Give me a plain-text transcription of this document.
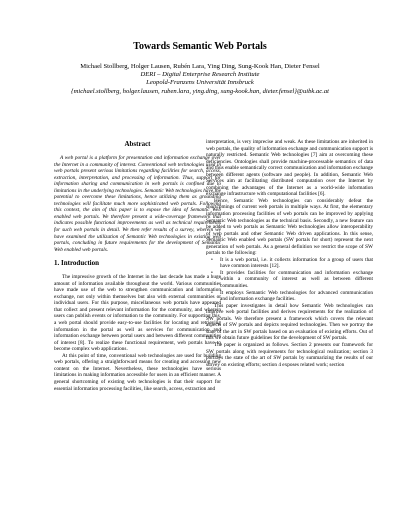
Towards Semantic Web Portals
Michael Stollberg, Holger Lausen, Rubén Lara, Ying Ding, Sung-Kook Han, Dieter Fensel
DERI – Digital Enterprise Research Institute
Leopold-Franzens Universität Innsbruck
{michael.stollberg, holger.lausen, ruben.lara, ying.ding, sung-kook.han, dieter.fensel}@uibk.ac.at
Abstract

A web portal is a platform for presentation and information exchange over the Internet in a community of interest. Conventional web technologies used in web portals present serious limitations regarding facilities for search, access, extraction, interpretation, and processing of information. Thus, support for information sharing and communication in web portals is confined due to limitations in the underlying technologies. Semantic Web technologies have the potential to overcome these limitations, hence utilizing them as grounding technologies will facilitate much more sophisticated web portals. Following this context, the aim of this paper is to expose the idea of Semantic Web enabled web portals. We therefore present a wide-coverage framework that indicates possible functional improvements as well as technical requirements for such web portals in detail. We then refer results of a survey, wherein we have examined the utilization of Semantic Web technologies in existing web portals, concluding in future requirements for the development of Semantic Web enabled web portals.

1. Introduction

The impressive growth of the Internet in the last decade has made a huge amount of information available throughout the world. Various communities have made use of the web to strengthen communication and information exchange, not only within themselves but also with external communities or individual users. For this purpose, miscellaneous web portals have appeared that collect and present relevant information for the community, and wherein users can publish events or information to the community. For supporting this, a web portal should provide easy-to-use facilities for locating and retrieving information in the portal as well as services for communication and information exchange between portal users and between different communities of interest [8]. To realize these functional requirement, web portals have to become complex web applications.

At this point of time, conventional web technologies are used for building web portals, offering a straightforward means for creating and accessing new content on the Internet. Nevertheless, these technologies have serious limitations in making information accessible for users in an efficient manner. A general shortcoming of existing web technologies is that their support for essential information processing facilities, like search, access, extraction and

interpretation, is very imprecise and weak. As these limitations are inherited in web portals, the quality of information exchange and communication support is naturally restricted. Semantic Web technologies [7] aim at overcoming these deficiencies. Ontologies shall provide machine-processable semantics of data and thus enable semantically correct communication and information exchange between different agents (software and people). In addition, Semantic Web Services aim at facilitating distributed computation over the Internet by combining the advantages of the Internet as a world-wide information exchange infrastructure with computational facilities [6].

Hence, Semantic Web technologies can considerably defeat the shortcomings of current web portals in multiple ways. At first, the elementary information processing facilities of web portals can be improved by applying Semantic Web technologies as the technical basis. Secondly, a new feature can be added to web portals as Semantic Web technologies allow interoperability of web portals and other Semantic Web driven applications. In this sense, Semantic Web enabled web portals (SW portals for short) represent the next generation of web portals. As a general definition we restrict the scope of SW portals to the following:

• It is a web portal, i.e. it collects information for a group of users that have common interests [12].
• It provides facilities for communication and information exchange within a community of interest as well as between different communities.
• It employs Semantic Web technologies for advanced communication and information exchange facilities.

This paper investigates in detail how Semantic Web technologies can improve web portal facilities and derives requirements for the realization of SW portals. We therefore present a framework which covers the relevant aspects of SW portals and depicts required technologies. Then we portray the state of the art in SW portals based on an evaluation of existing efforts. Out of this we obtain future guidelines for the development of SW portals.

The paper is organized as follows. Section 2 presents our framework for SW portals along with requirements for technological realization; section 3 portrays the state of the art of SW portals by summarizing the results of our survey on existing efforts; section 4 exposes related work; section
